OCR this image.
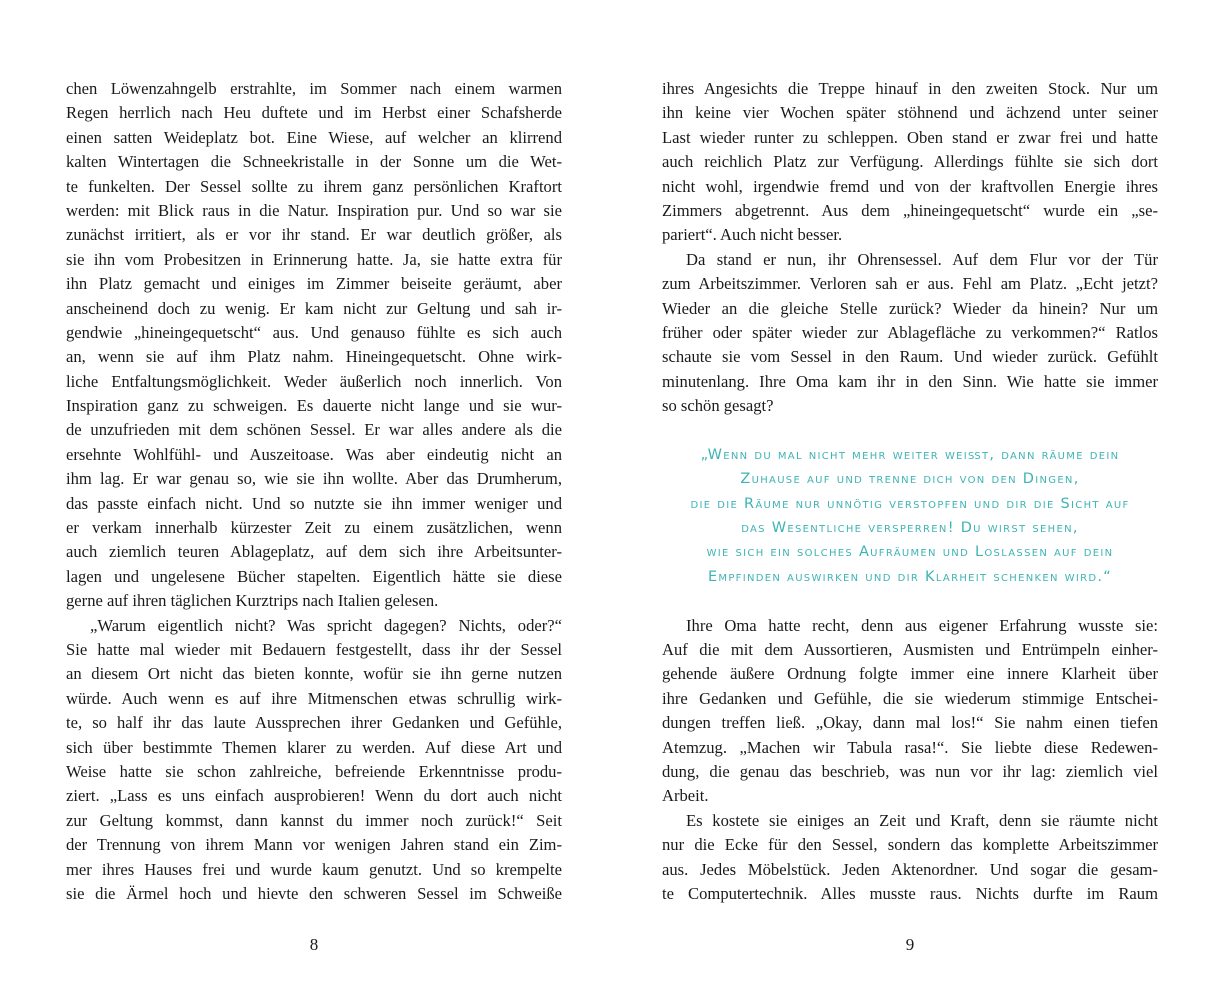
chen Löwenzahngelb erstrahlte, im Sommer nach einem warmen
Regen herrlich nach Heu duftete und im Herbst einer Schafsherde
einen satten Weideplatz bot. Eine Wiese, auf welcher an klirrend
kalten Wintertagen die Schneekristalle in der Sonne um die Wet-
te funkelten. Der Sessel sollte zu ihrem ganz persönlichen Kraftort
werden: mit Blick raus in die Natur. Inspiration pur. Und so war sie
zunächst irritiert, als er vor ihr stand. Er war deutlich größer, als
sie ihn vom Probesitzen in Erinnerung hatte. Ja, sie hatte extra für
ihn Platz gemacht und einiges im Zimmer beiseite geräumt, aber
anscheinend doch zu wenig. Er kam nicht zur Geltung und sah ir-
gendwie „hineingequetscht“ aus. Und genauso fühlte es sich auch
an, wenn sie auf ihm Platz nahm. Hineingequetscht. Ohne wirk-
liche Entfaltungsmöglichkeit. Weder äußerlich noch innerlich. Von
Inspiration ganz zu schweigen. Es dauerte nicht lange und sie wur-
de unzufrieden mit dem schönen Sessel. Er war alles andere als die
ersehnte Wohlfühl- und Auszeitoase. Was aber eindeutig nicht an
ihm lag. Er war genau so, wie sie ihn wollte. Aber das Drumherum,
das passte einfach nicht. Und so nutzte sie ihn immer weniger und
er verkam innerhalb kürzester Zeit zu einem zusätzlichen, wenn
auch ziemlich teuren Ablageplatz, auf dem sich ihre Arbeitsunter-
lagen und ungelesene Bücher stapelten. Eigentlich hätte sie diese
gerne auf ihren täglichen Kurztrips nach Italien gelesen.
„Warum eigentlich nicht? Was spricht dagegen? Nichts, oder?“
Sie hatte mal wieder mit Bedauern festgestellt, dass ihr der Sessel
an diesem Ort nicht das bieten konnte, wofür sie ihn gerne nutzen
würde. Auch wenn es auf ihre Mitmenschen etwas schrullig wirk-
te, so half ihr das laute Aussprechen ihrer Gedanken und Gefühle,
sich über bestimmte Themen klarer zu werden. Auf diese Art und
Weise hatte sie schon zahlreiche, befreiende Erkenntnisse produ-
ziert. „Lass es uns einfach ausprobieren! Wenn du dort auch nicht
zur Geltung kommst, dann kannst du immer noch zurück!“ Seit
der Trennung von ihrem Mann vor wenigen Jahren stand ein Zim-
mer ihres Hauses frei und wurde kaum genutzt. Und so krempelte
sie die Ärmel hoch und hievte den schweren Sessel im Schweiße
8
ihres Angesichts die Treppe hinauf in den zweiten Stock. Nur um
ihn keine vier Wochen später stöhnend und ächzend unter seiner
Last wieder runter zu schleppen. Oben stand er zwar frei und hatte
auch reichlich Platz zur Verfügung. Allerdings fühlte sie sich dort
nicht wohl, irgendwie fremd und von der kraftvollen Energie ihres
Zimmers abgetrennt. Aus dem „hineingequetscht“ wurde ein „se-
pariert“. Auch nicht besser.
Da stand er nun, ihr Ohrensessel. Auf dem Flur vor der Tür
zum Arbeitszimmer. Verloren sah er aus. Fehl am Platz. „Echt jetzt?
Wieder an die gleiche Stelle zurück? Wieder da hinein? Nur um
früher oder später wieder zur Ablagefläche zu verkommen?“ Ratlos
schaute sie vom Sessel in den Raum. Und wieder zurück. Gefühlt
minutenlang. Ihre Oma kam ihr in den Sinn. Wie hatte sie immer
so schön gesagt?
„Wenn du mal nicht mehr weiter weißt, dann räume dein
Zuhause auf und trenne dich von den Dingen,
die die Räume nur unnötig verstopfen und dir die Sicht auf
das Wesentliche versperren! Du wirst sehen,
wie sich ein solches Aufräumen und Loslassen auf dein
Empfinden auswirken und dir Klarheit schenken wird.“
Ihre Oma hatte recht, denn aus eigener Erfahrung wusste sie:
Auf die mit dem Aussortieren, Ausmisten und Entrümpeln einher-
gehende äußere Ordnung folgte immer eine innere Klarheit über
ihre Gedanken und Gefühle, die sie wiederum stimmige Entschei-
dungen treffen ließ. „Okay, dann mal los!“ Sie nahm einen tiefen
Atemzug. „Machen wir Tabula rasa!“. Sie liebte diese Redewen-
dung, die genau das beschrieb, was nun vor ihr lag: ziemlich viel
Arbeit.
Es kostete sie einiges an Zeit und Kraft, denn sie räumte nicht
nur die Ecke für den Sessel, sondern das komplette Arbeitszimmer
aus. Jedes Möbelstück. Jeden Aktenordner. Und sogar die gesam-
te Computertechnik. Alles musste raus. Nichts durfte im Raum
9
